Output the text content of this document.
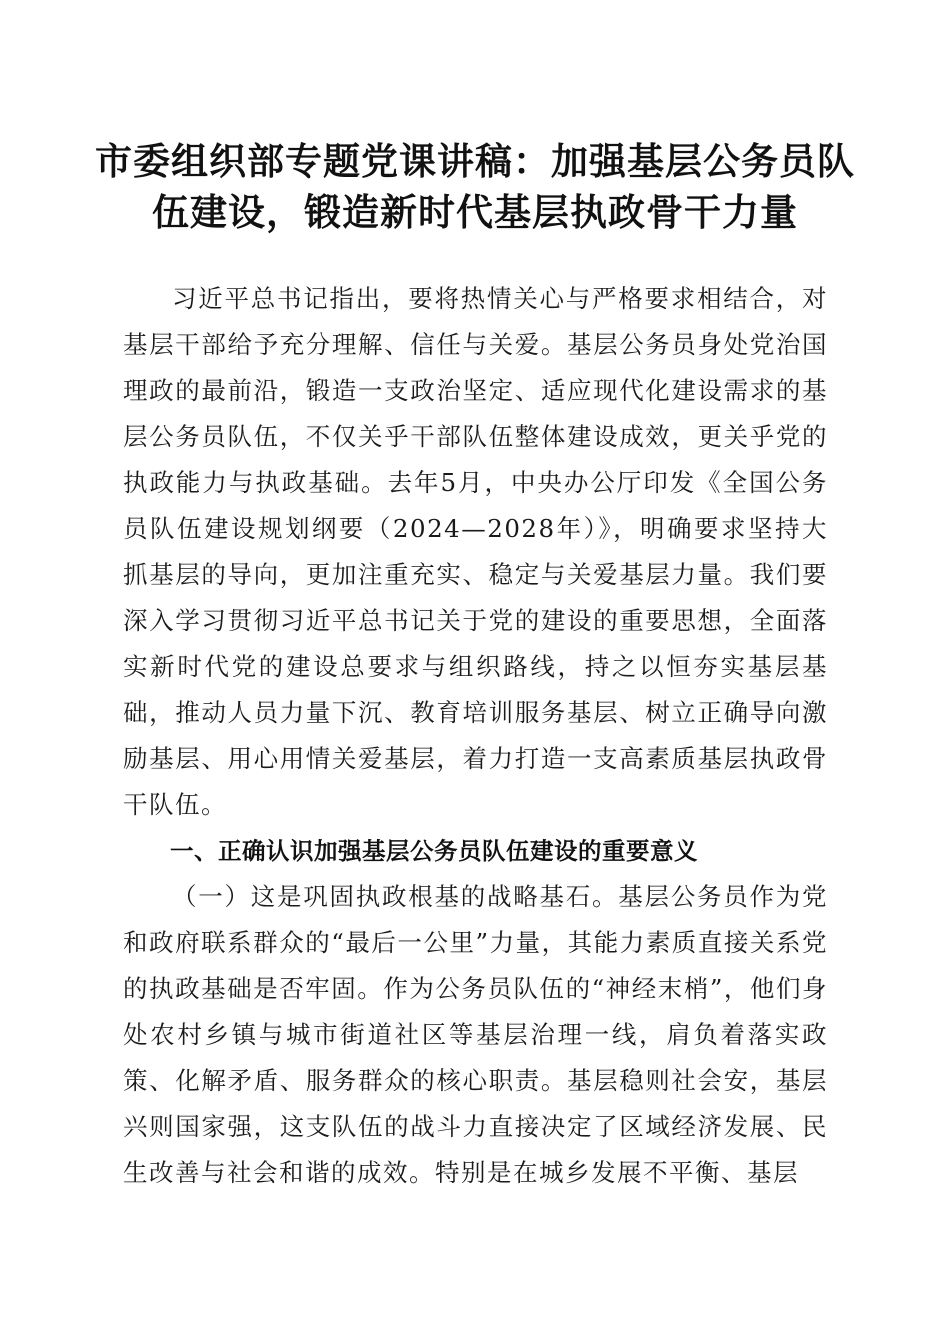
市委组织部专题党课讲稿：加强基层公务员队
伍建设，锻造新时代基层执政骨干力量

习近平总书记指出，要将热情关心与严格要求相结合，对基层干部给予充分理解、信任与关爱。基层公务员身处党治国理政的最前沿，锻造一支政治坚定、适应现代化建设需求的基层公务员队伍，不仅关乎干部队伍整体建设成效，更关乎党的执政能力与执政基础。去年5月，中央办公厅印发《全国公务员队伍建设规划纲要（2024—2028年）》，明确要求坚持大抓基层的导向，更加注重充实、稳定与关爱基层力量。我们要深入学习贯彻习近平总书记关于党的建设的重要思想，全面落实新时代党的建设总要求与组织路线，持之以恒夯实基层基础，推动人员力量下沉、教育培训服务基层、树立正确导向激励基层、用心用情关爱基层，着力打造一支高素质基层执政骨干队伍。

一、正确认识加强基层公务员队伍建设的重要意义

（一）这是巩固执政根基的战略基石。基层公务员作为党和政府联系群众的“最后一公里”力量，其能力素质直接关系党的执政基础是否牢固。作为公务员队伍的“神经末梢”，他们身处农村乡镇与城市街道社区等基层治理一线，肩负着落实政策、化解矛盾、服务群众的核心职责。基层稳则社会安，基层兴则国家强，这支队伍的战斗力直接决定了区域经济发展、民生改善与社会和谐的成效。特别是在城乡发展不平衡、基层
